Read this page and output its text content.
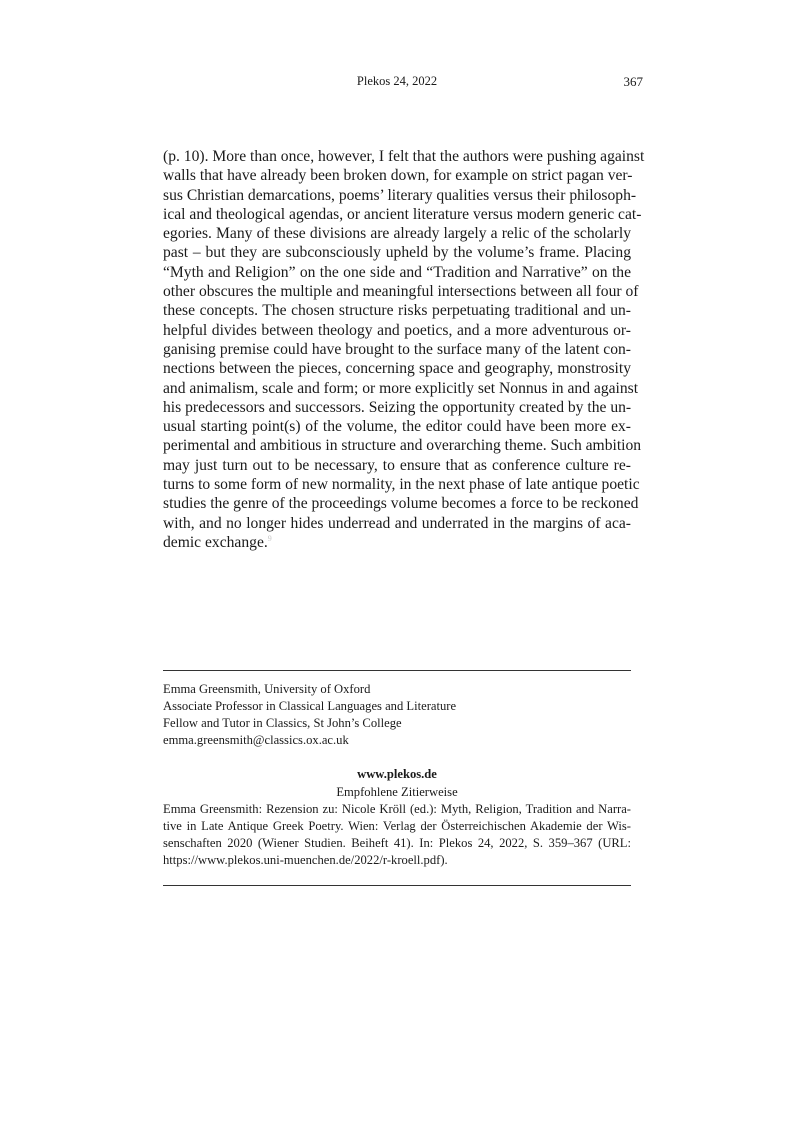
Plekos 24, 2022	367
(p. 10). More than once, however, I felt that the authors were pushing against
walls that have already been broken down, for example on strict pagan ver-
sus Christian demarcations, poems’ literary qualities versus their philosoph-
ical and theological agendas, or ancient literature versus modern generic cat-
egories. Many of these divisions are already largely a relic of the scholarly
past – but they are subconsciously upheld by the volume’s frame. Placing
“Myth and Religion” on the one side and “Tradition and Narrative” on the
other obscures the multiple and meaningful intersections between all four of
these concepts. The chosen structure risks perpetuating traditional and un-
helpful divides between theology and poetics, and a more adventurous or-
ganising premise could have brought to the surface many of the latent con-
nections between the pieces, concerning space and geography, monstrosity
and animalism, scale and form; or more explicitly set Nonnus in and against
his predecessors and successors. Seizing the opportunity created by the un-
usual starting point(s) of the volume, the editor could have been more ex-
perimental and ambitious in structure and overarching theme. Such ambition
may just turn out to be necessary, to ensure that as conference culture re-
turns to some form of new normality, in the next phase of late antique poetic
studies the genre of the proceedings volume becomes a force to be reckoned
with, and no longer hides underread and underrated in the margins of aca-
demic exchange.$^9$
Emma Greensmith, University of Oxford
Associate Professor in Classical Languages and Literature
Fellow and Tutor in Classics, St John’s College
emma.greensmith@classics.ox.ac.uk
www.plekos.de
Empfohlene Zitierweise
Emma Greensmith: Rezension zu: Nicole Kröll (ed.): Myth, Religion, Tradition and Narra-
tive in Late Antique Greek Poetry. Wien: Verlag der Österreichischen Akademie der Wis-
senschaften 2020 (Wiener Studien. Beiheft 41). In: Plekos 24, 2022, S. 359–367 (URL:
https://www.plekos.uni-muenchen.de/2022/r-kroell.pdf).
